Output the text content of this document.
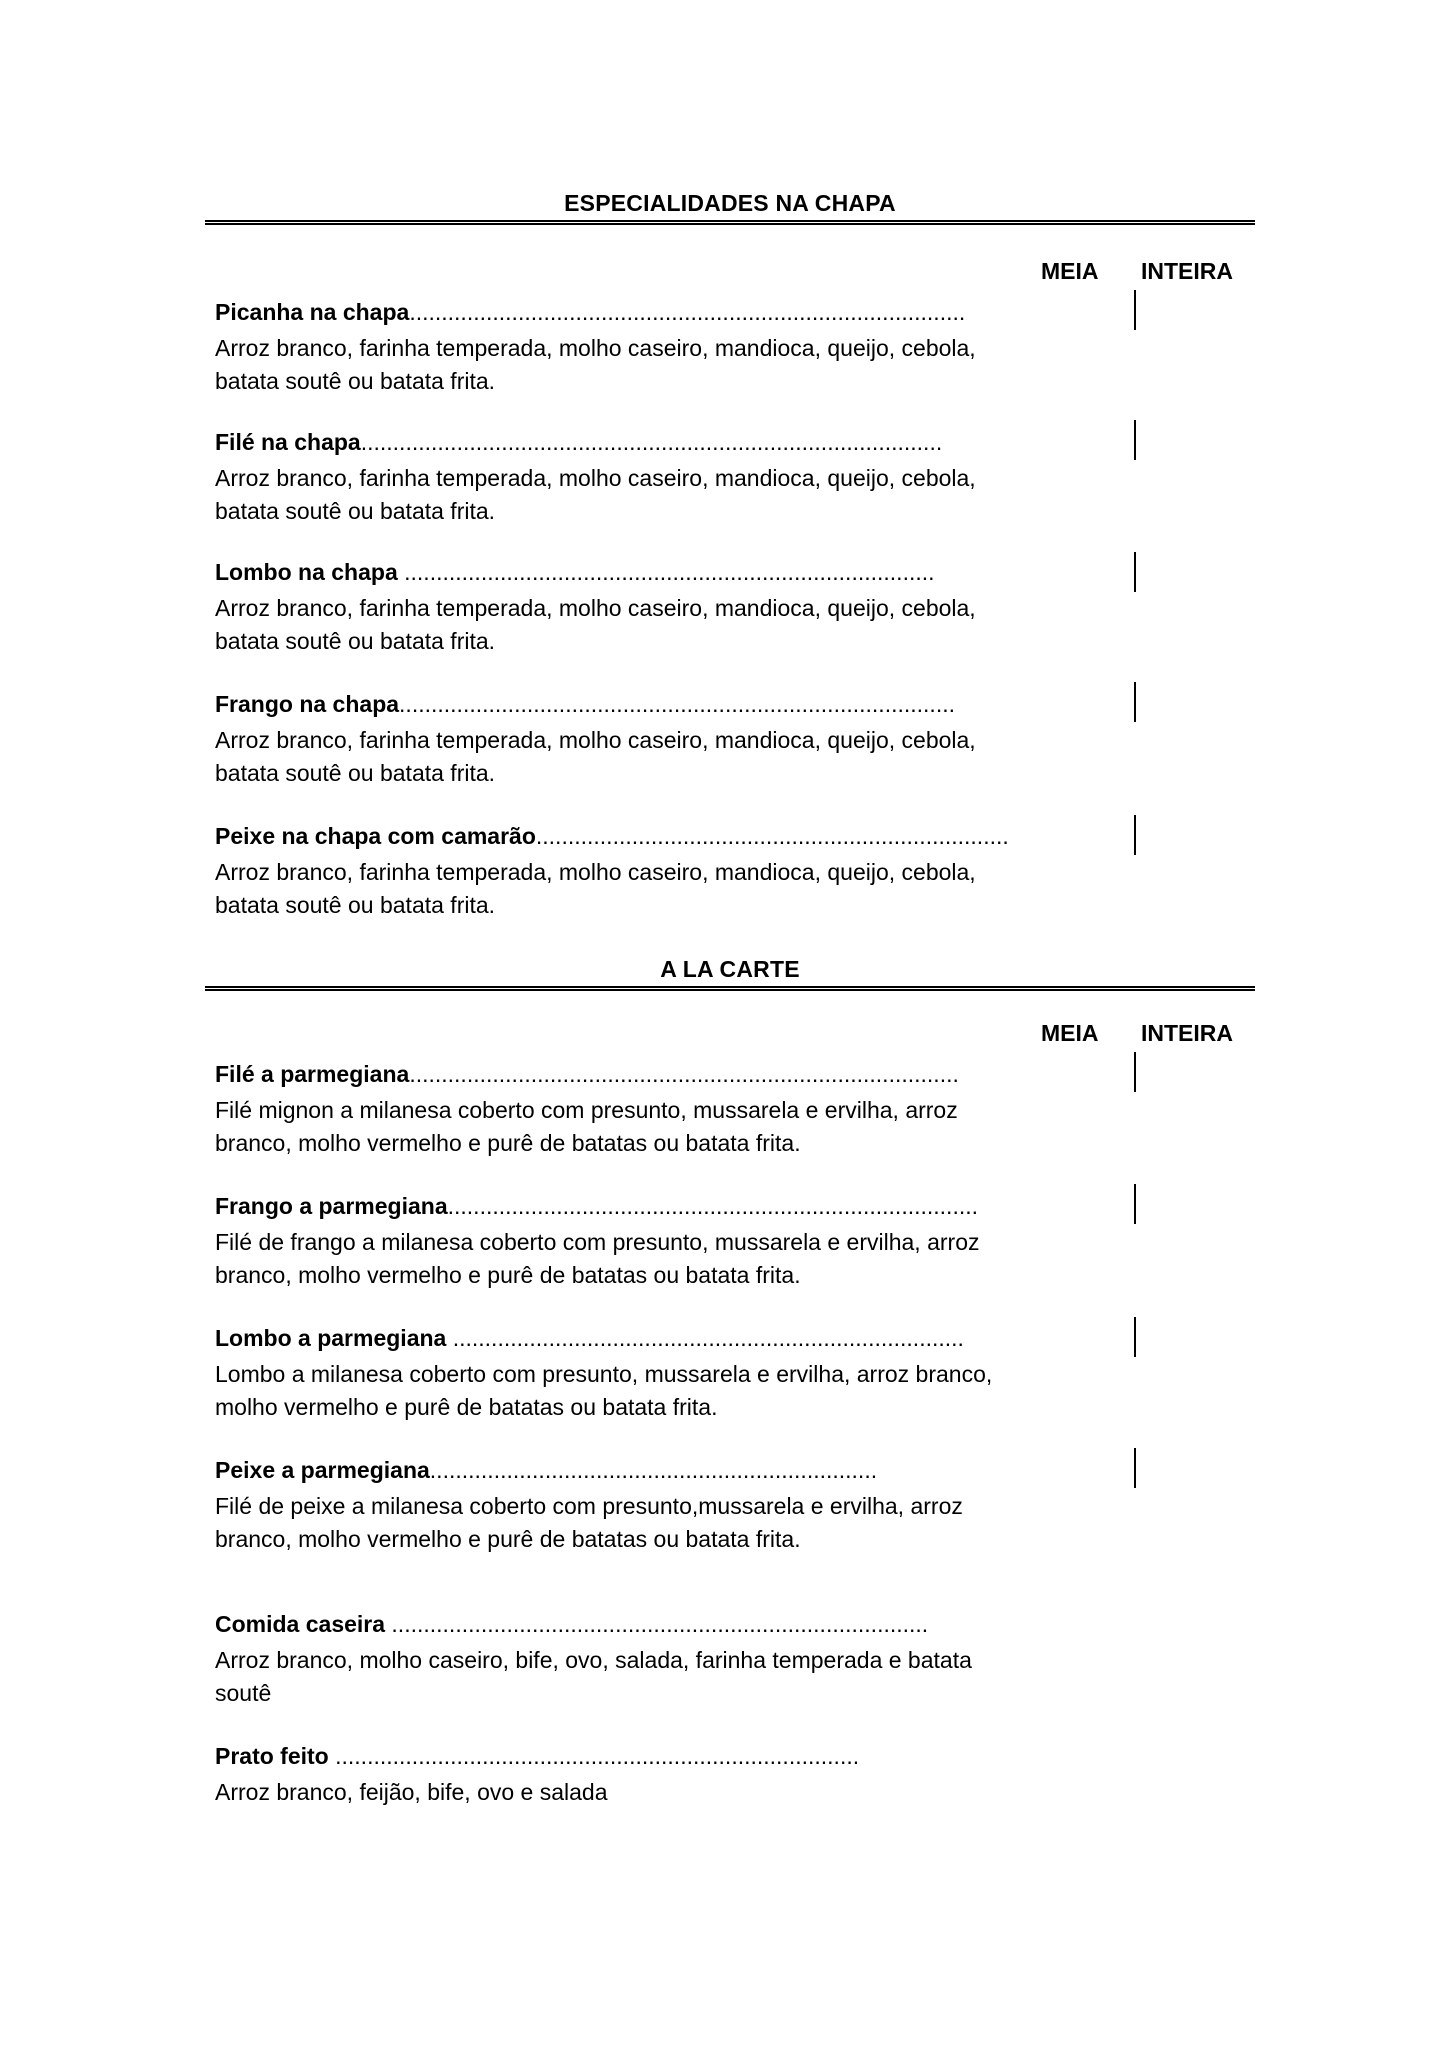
ESPECIALIDADES NA CHAPA
MEIA INTEIRA
Picanha na chapa.......................................................................................
Arroz branco, farinha temperada, molho caseiro, mandioca, queijo, cebola, batata soutê ou batata frita.
Filé na chapa...........................................................................................
Arroz branco, farinha temperada, molho caseiro, mandioca, queijo, cebola, batata soutê ou batata frita.
Lombo na chapa ...................................................................................
Arroz branco, farinha temperada, molho caseiro, mandioca, queijo, cebola, batata soutê ou batata frita.
Frango na chapa.......................................................................................
Arroz branco, farinha temperada, molho caseiro, mandioca, queijo, cebola, batata soutê ou batata frita.
Peixe na chapa com camarão..........................................................................
Arroz branco, farinha temperada, molho caseiro, mandioca, queijo, cebola, batata soutê ou batata frita.
A LA CARTE
MEIA INTEIRA
Filé a parmegiana......................................................................................
Filé mignon a milanesa coberto com presunto, mussarela e ervilha, arroz branco, molho vermelho e purê de batatas ou batata frita.
Frango a parmegiana...................................................................................
Filé de frango a milanesa coberto com presunto, mussarela e ervilha, arroz branco, molho vermelho e purê de batatas ou batata frita.
Lombo a parmegiana ................................................................................
Lombo a milanesa coberto com presunto, mussarela e ervilha, arroz branco, molho vermelho e purê de batatas ou batata frita.
Peixe a parmegiana......................................................................
Filé de peixe a milanesa coberto com presunto,mussarela e ervilha, arroz branco, molho vermelho e purê de batatas ou batata frita.
Comida caseira ....................................................................................
Arroz branco, molho caseiro, bife, ovo, salada, farinha temperada e batata soutê
Prato feito ..................................................................................
Arroz branco, feijão, bife, ovo e salada
